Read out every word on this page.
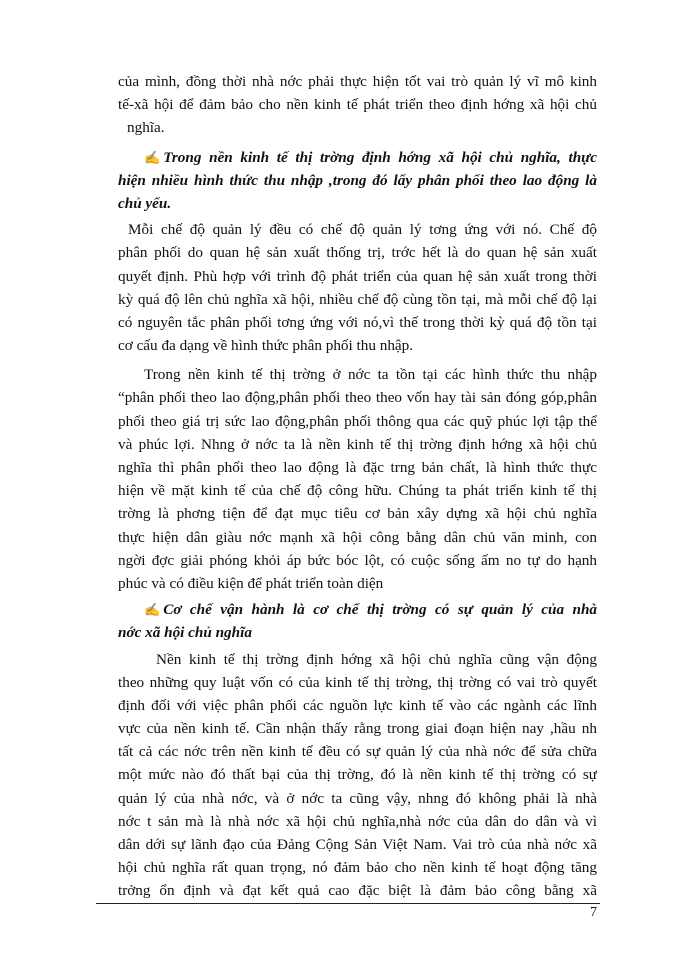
của mình, đồng thời nhà nớc phải thực hiện tốt vai trò quản lý vĩ mô kinh
tế-xã hội để đảm bảo cho nền kinh tế phát triển theo định hớng xã hội chủ
nghĩa.
✍ Trong nền kinh tế thị trờng định hớng xã hội chủ nghĩa, thực
hiện nhiều hình thức thu nhập ,trong đó lấy phân phối theo lao động là
chủ yếu.
Mỗi chế độ quản lý đều có chế độ quản lý tơng ứng với nó. Chế độ
phân phối do quan hệ sản xuất thống trị, trớc hết là do quan hệ sản xuất
quyết định. Phù hợp với trình độ phát triển của quan hệ sản xuất trong thời
kỳ quá độ lên chủ nghĩa xã hội, nhiều chế độ cùng tồn tại, mà mỗi chế độ lại
có nguyên tắc phân phối tơng ứng với nó,vì thế trong thời kỳ quá độ tồn tại
cơ cấu đa dạng về hình thức phân phối thu nhập.
Trong nền kinh tế thị trờng ở nớc ta tồn tại các hình thức thu nhập
“phân phối theo lao động,phân phối theo theo vốn hay tài sản đóng góp,phân
phối theo giá trị sức lao động,phân phối thông qua các quỹ phúc lợi tập thể
và phúc lợi. Nhng ở nớc ta là nền kinh tế thị trờng định hớng xã hội chủ
nghĩa thì phân phối theo lao động là đặc trng bản chất, là hình thức thực
hiện về mặt kinh tế của chế độ công hữu. Chúng ta phát triển kinh tế thị
trờng là phơng tiện để đạt mục tiêu cơ bản xây dựng xã hội chủ nghĩa
thực hiện dân giàu nớc mạnh xã hội công bằng dân chủ văn minh, con
ngời đợc giải phóng khỏi áp bức bóc lột, có cuộc sống ấm no tự do hạnh
phúc và có điều kiện để phát triển toàn diện
✍ Cơ chế vận hành là cơ chế thị trờng có sự quản lý của nhà
nớc xã hội chủ nghĩa
Nền kinh tế thị trờng định hớng xã hội chủ nghĩa cũng vận động
theo những quy luật vốn có của kinh tế thị trờng, thị trờng có vai trò quyết
định đối với việc phân phối các nguồn lực kinh tế vào các ngành các lĩnh
vực của nền kinh tế. Cần nhận thấy rằng trong giai đoạn hiện nay ,hầu nh
tất cả các nớc trên nền kinh tế đều có sự quản lý của nhà nớc để sửa chữa
một mức nào đó thất bại của thị trờng, đó là nền kinh tế thị trờng có sự
quản lý của nhà nớc, và ở nớc ta cũng vậy, nhng đó không phải là nhà
nớc t sản mà là nhà nớc xã hội chủ nghĩa,nhà nớc của dân do dân và vì
dân dới sự lãnh đạo của Đảng Cộng Sản Việt Nam. Vai trò của nhà nớc xã
hội chủ nghĩa rất quan trọng, nó đảm bảo cho nền kinh tế hoạt động tăng
trởng ổn định và đạt kết quả cao đặc biệt là đảm bảo công bằng xã
7
